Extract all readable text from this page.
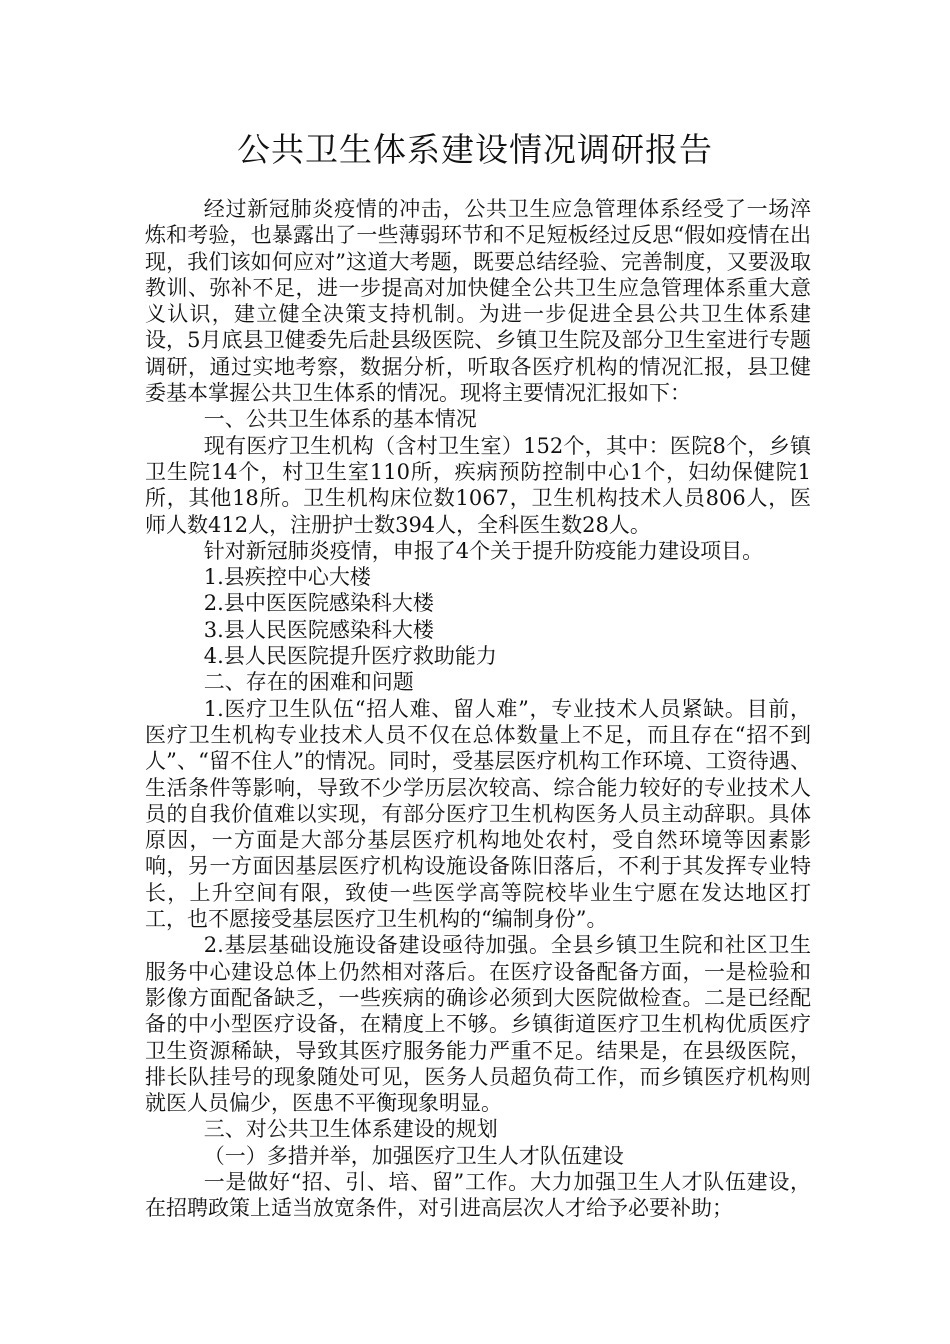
公共卫生体系建设情况调研报告

经过新冠肺炎疫情的冲击，公共卫生应急管理体系经受了一场淬炼和考验，也暴露出了一些薄弱环节和不足短板经过反思“假如疫情在出现，我们该如何应对”这道大考题，既要总结经验、完善制度，又要汲取教训、弥补不足，进一步提高对加快健全公共卫生应急管理体系重大意义认识，建立健全决策支持机制。为进一步促进全县公共卫生体系建设，5月底县卫健委先后赴县级医院、乡镇卫生院及部分卫生室进行专题调研，通过实地考察，数据分析，听取各医疗机构的情况汇报，县卫健委基本掌握公共卫生体系的情况。现将主要情况汇报如下：

一、公共卫生体系的基本情况

现有医疗卫生机构（含村卫生室）152个，其中：医院8个，乡镇卫生院14个，村卫生室110所，疾病预防控制中心1个，妇幼保健院1所，其他18所。卫生机构床位数1067，卫生机构技术人员806人，医师人数412人，注册护士数394人，全科医生数28人。

针对新冠肺炎疫情，申报了4个关于提升防疫能力建设项目。

1.县疾控中心大楼

2.县中医医院感染科大楼

3.县人民医院感染科大楼

4.县人民医院提升医疗救助能力

二、存在的困难和问题

1.医疗卫生队伍“招人难、留人难”，专业技术人员紧缺。目前，医疗卫生机构专业技术人员不仅在总体数量上不足，而且存在“招不到人”、“留不住人”的情况。同时，受基层医疗机构工作环境、工资待遇、生活条件等影响，导致不少学历层次较高、综合能力较好的专业技术人员的自我价值难以实现，有部分医疗卫生机构医务人员主动辞职。具体原因，一方面是大部分基层医疗机构地处农村，受自然环境等因素影响，另一方面因基层医疗机构设施设备陈旧落后，不利于其发挥专业特长，上升空间有限，致使一些医学高等院校毕业生宁愿在发达地区打工，也不愿接受基层医疗卫生机构的“编制身份”。

2.基层基础设施设备建设亟待加强。全县乡镇卫生院和社区卫生服务中心建设总体上仍然相对落后。在医疗设备配备方面，一是检验和影像方面配备缺乏，一些疾病的确诊必须到大医院做检查。二是已经配备的中小型医疗设备，在精度上不够。乡镇街道医疗卫生机构优质医疗卫生资源稀缺，导致其医疗服务能力严重不足。结果是，在县级医院，排长队挂号的现象随处可见，医务人员超负荷工作，而乡镇医疗机构则就医人员偏少，医患不平衡现象明显。

三、对公共卫生体系建设的规划

（一）多措并举，加强医疗卫生人才队伍建设

一是做好“招、引、培、留”工作。大力加强卫生人才队伍建设，在招聘政策上适当放宽条件，对引进高层次人才给予必要补助；
